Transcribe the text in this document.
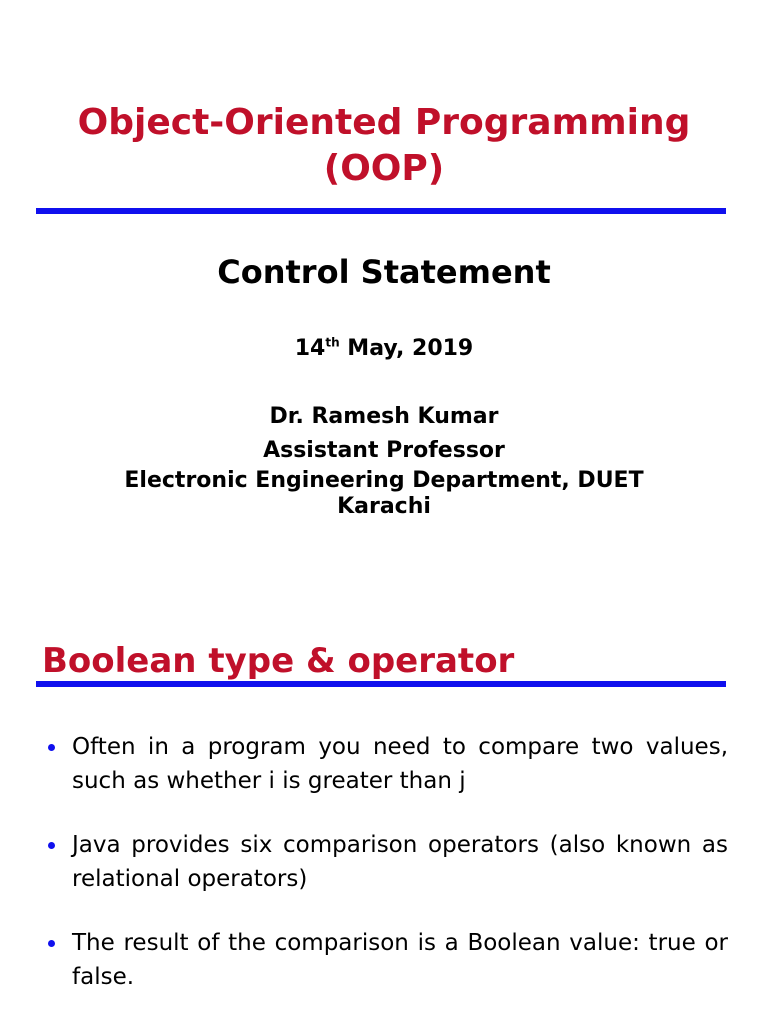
Object-Oriented Programming
(OOP)
Control Statement
14th May, 2019
Dr. Ramesh Kumar
Assistant Professor
Electronic Engineering Department, DUET
Karachi
Boolean type & operator
Often in a program you need to compare two values, such as whether i is greater than j
Java provides six comparison operators (also known as relational operators)
The result of the comparison is a Boolean value: true or false.
